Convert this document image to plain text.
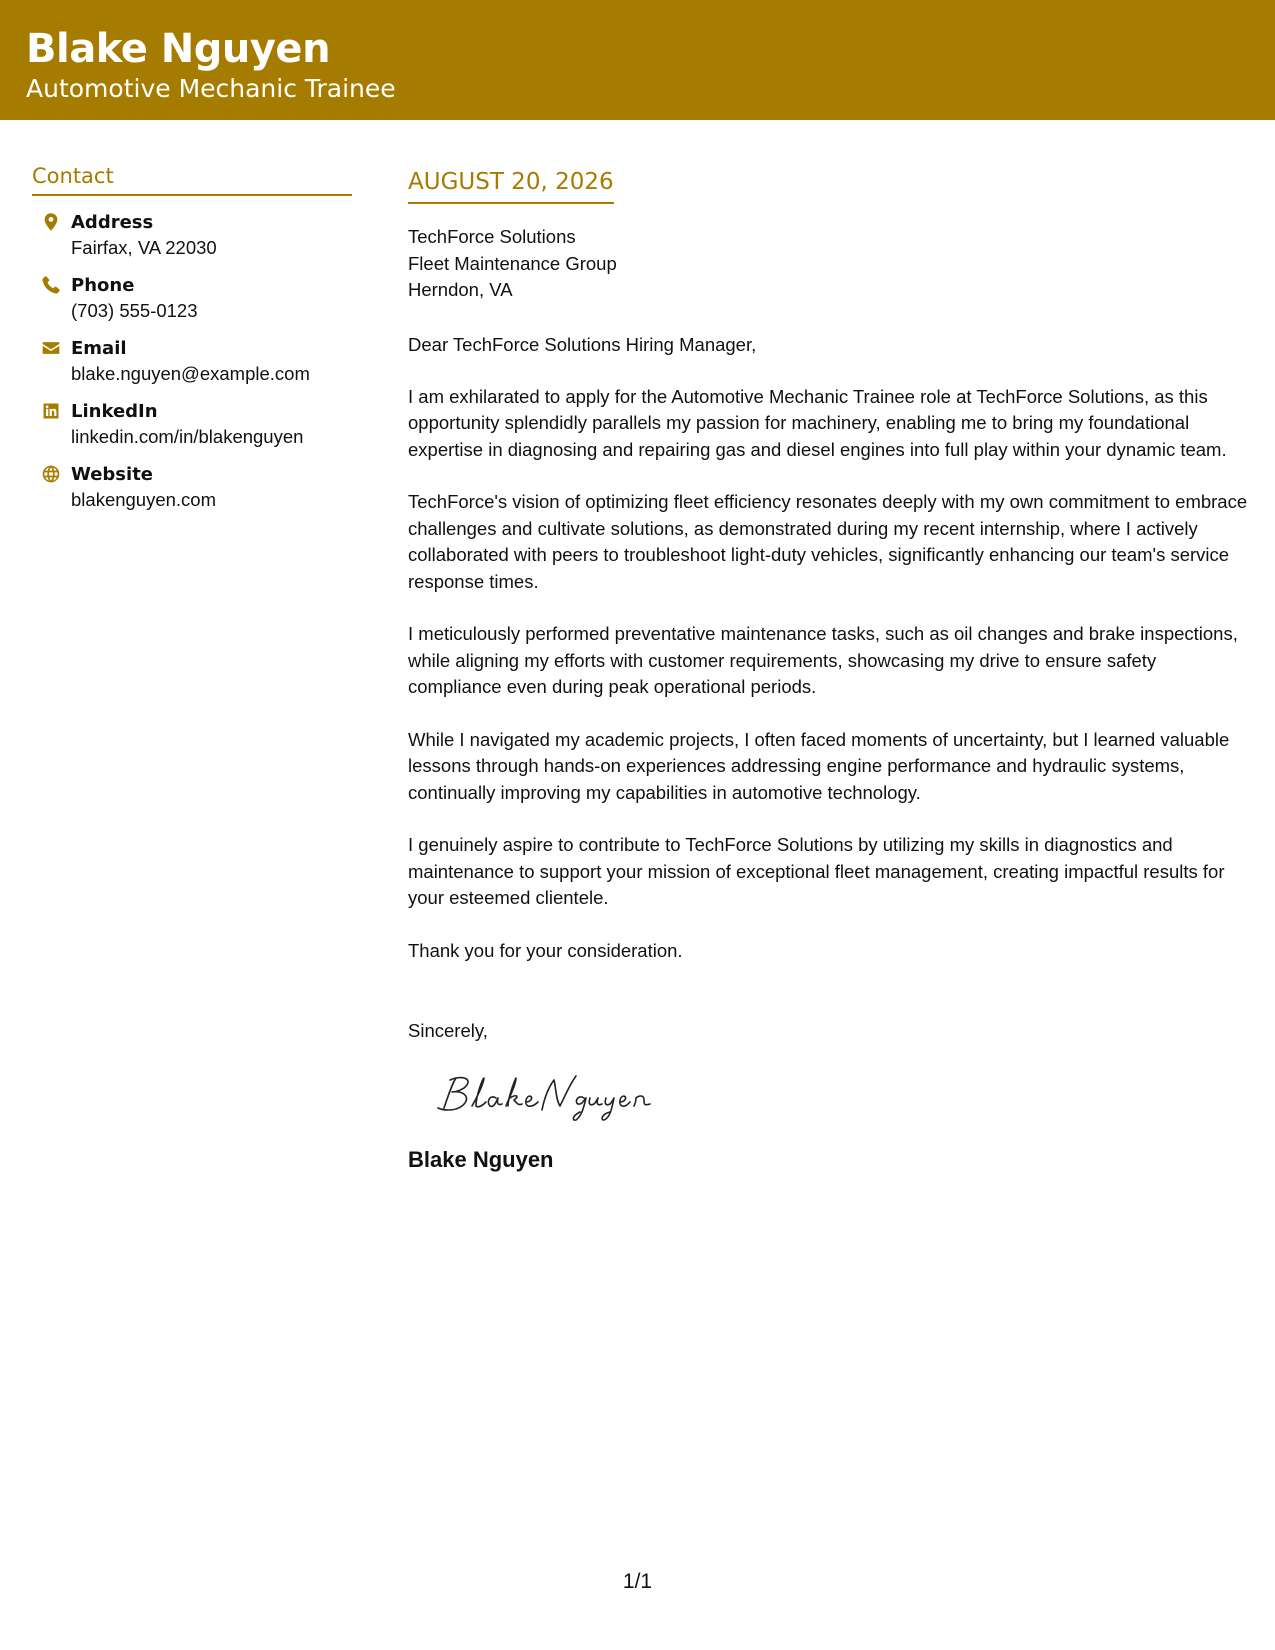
Blake Nguyen
Automotive Mechanic Trainee
Contact
Address
Fairfax, VA 22030
Phone
(703) 555-0123
Email
blake.nguyen@example.com
LinkedIn
linkedin.com/in/blakenguyen
Website
blakenguyen.com
AUGUST 20, 2026
TechForce Solutions
Fleet Maintenance Group
Herndon, VA
Dear TechForce Solutions Hiring Manager,

I am exhilarated to apply for the Automotive Mechanic Trainee role at TechForce Solutions, as this opportunity splendidly parallels my passion for machinery, enabling me to bring my foundational expertise in diagnosing and repairing gas and diesel engines into full play within your dynamic team.

TechForce's vision of optimizing fleet efficiency resonates deeply with my own commitment to embrace challenges and cultivate solutions, as demonstrated during my recent internship, where I actively collaborated with peers to troubleshoot light-duty vehicles, significantly enhancing our team's service response times.

I meticulously performed preventative maintenance tasks, such as oil changes and brake inspections, while aligning my efforts with customer requirements, showcasing my drive to ensure safety compliance even during peak operational periods.

While I navigated my academic projects, I often faced moments of uncertainty, but I learned valuable lessons through hands-on experiences addressing engine performance and hydraulic systems, continually improving my capabilities in automotive technology.

I genuinely aspire to contribute to TechForce Solutions by utilizing my skills in diagnostics and maintenance to support your mission of exceptional fleet management, creating impactful results for your esteemed clientele.

Thank you for your consideration.

Sincerely,
Blake Nguyen
1/1
